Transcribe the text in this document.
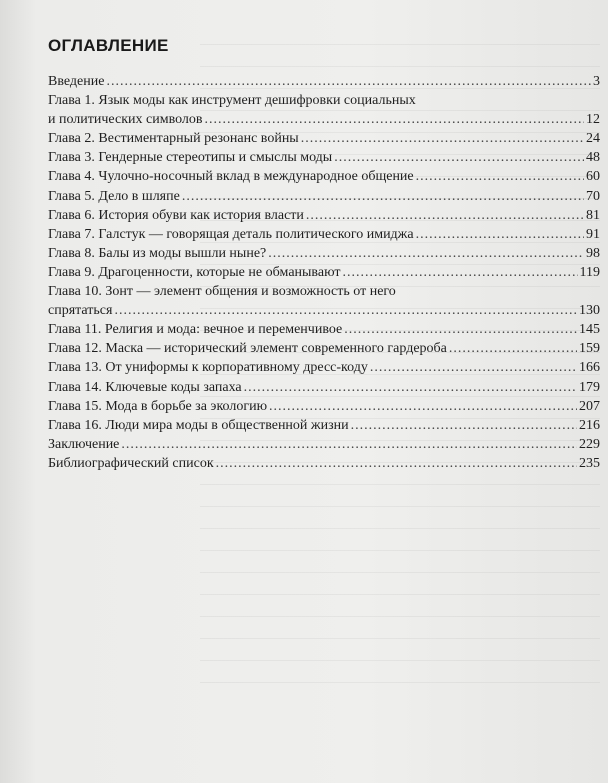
ОГЛАВЛЕНИЕ
Введение .....	3
Глава 1. Язык моды как инструмент дешифровки социальных
и политических символов .....	12
Глава 2. Вестиментарный резонанс войны .....	24
Глава 3. Гендерные стереотипы и смыслы моды .....	48
Глава 4. Чулочно-носочный вклад в международное общение .....	60
Глава 5. Дело в шляпе .....	70
Глава 6. История обуви как история власти .....	81
Глава 7. Галстук — говорящая деталь политического имиджа .....	91
Глава 8. Балы из моды вышли ныне? .....	98
Глава 9. Драгоценности, которые не обманывают .....	119
Глава 10. Зонт — элемент общения и возможность от него
спрятаться .....	130
Глава 11. Религия и мода: вечное и переменчивое .....	145
Глава 12. Маска — исторический элемент современного гардероба .....	159
Глава 13. От униформы к корпоративному дресс-коду .....	166
Глава 14. Ключевые коды запаха .....	179
Глава 15. Мода в борьбе за экологию .....	207
Глава 16. Люди мира моды в общественной жизни .....	216
Заключение .....	229
Библиографический список .....	235
